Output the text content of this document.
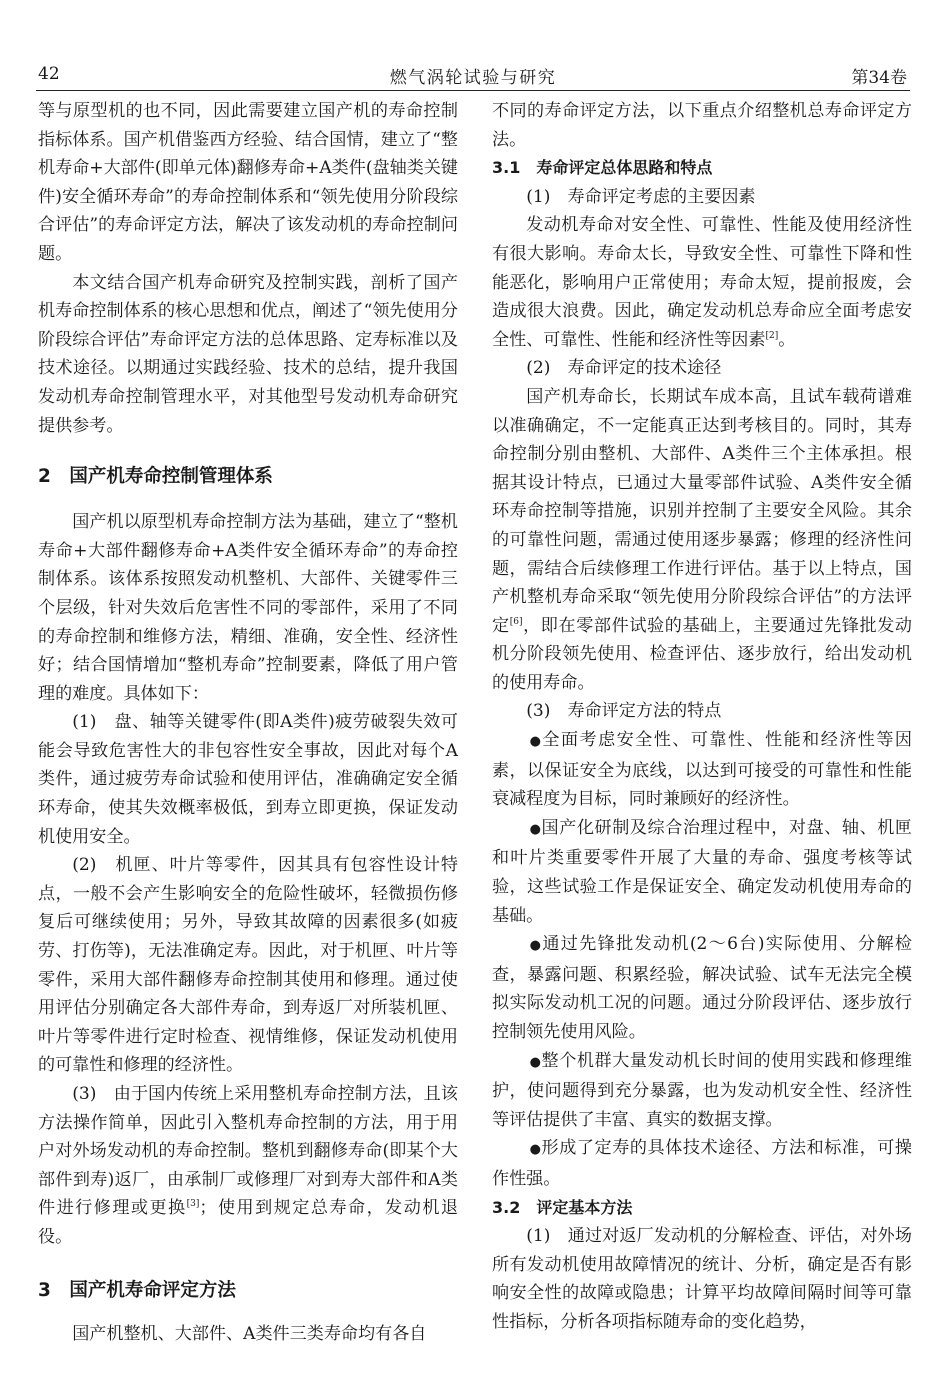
42	燃气涡轮试验与研究	第34卷

等与原型机的也不同，因此需要建立国产机的寿命控制指标体系。国产机借鉴西方经验、结合国情，建立了“整机寿命+大部件(即单元体)翻修寿命+A类件(盘轴类关键件)安全循环寿命”的寿命控制体系和“领先使用分阶段综合评估”的寿命评定方法，解决了该发动机的寿命控制问题。

本文结合国产机寿命研究及控制实践，剖析了国产机寿命控制体系的核心思想和优点，阐述了“领先使用分阶段综合评估”寿命评定方法的总体思路、定寿标准以及技术途径。以期通过实践经验、技术的总结，提升我国发动机寿命控制管理水平，对其他型号发动机寿命研究提供参考。

2　国产机寿命控制管理体系

国产机以原型机寿命控制方法为基础，建立了“整机寿命+大部件翻修寿命+A类件安全循环寿命”的寿命控制体系。该体系按照发动机整机、大部件、关键零件三个层级，针对失效后危害性不同的零部件，采用了不同的寿命控制和维修方法，精细、准确，安全性、经济性好；结合国情增加“整机寿命”控制要素，降低了用户管理的难度。具体如下：

(1)　盘、轴等关键零件(即A类件)疲劳破裂失效可能会导致危害性大的非包容性安全事故，因此对每个A类件，通过疲劳寿命试验和使用评估，准确确定安全循环寿命，使其失效概率极低，到寿立即更换，保证发动机使用安全。

(2)　机匣、叶片等零件，因其具有包容性设计特点，一般不会产生影响安全的危险性破坏，轻微损伤修复后可继续使用；另外，导致其故障的因素很多(如疲劳、打伤等)，无法准确定寿。因此，对于机匣、叶片等零件，采用大部件翻修寿命控制其使用和修理。通过使用评估分别确定各大部件寿命，到寿返厂对所装机匣、叶片等零件进行定时检查、视情维修，保证发动机使用的可靠性和修理的经济性。

(3)　由于国内传统上采用整机寿命控制方法，且该方法操作简单，因此引入整机寿命控制的方法，用于用户对外场发动机的寿命控制。整机到翻修寿命(即某个大部件到寿)返厂，由承制厂或修理厂对到寿大部件和A类件进行修理或更换[3]；使用到规定总寿命，发动机退役。

3　国产机寿命评定方法

国产机整机、大部件、A类件三类寿命均有各自

不同的寿命评定方法，以下重点介绍整机总寿命评定方法。

3.1　寿命评定总体思路和特点

(1)　寿命评定考虑的主要因素

发动机寿命对安全性、可靠性、性能及使用经济性有很大影响。寿命太长，导致安全性、可靠性下降和性能恶化，影响用户正常使用；寿命太短，提前报废，会造成很大浪费。因此，确定发动机总寿命应全面考虑安全性、可靠性、性能和经济性等因素[2]。

(2)　寿命评定的技术途径

国产机寿命长，长期试车成本高，且试车载荷谱难以准确确定，不一定能真正达到考核目的。同时，其寿命控制分别由整机、大部件、A类件三个主体承担。根据其设计特点，已通过大量零部件试验、A类件安全循环寿命控制等措施，识别并控制了主要安全风险。其余的可靠性问题，需通过使用逐步暴露；修理的经济性问题，需结合后续修理工作进行评估。基于以上特点，国产机整机寿命采取“领先使用分阶段综合评估”的方法评定[6]，即在零部件试验的基础上，主要通过先锋批发动机分阶段领先使用、检查评估、逐步放行，给出发动机的使用寿命。

(3)　寿命评定方法的特点

●全面考虑安全性、可靠性、性能和经济性等因素，以保证安全为底线，以达到可接受的可靠性和性能衰减程度为目标，同时兼顾好的经济性。

●国产化研制及综合治理过程中，对盘、轴、机匣和叶片类重要零件开展了大量的寿命、强度考核等试验，这些试验工作是保证安全、确定发动机使用寿命的基础。

●通过先锋批发动机(2～6台)实际使用、分解检查，暴露问题、积累经验，解决试验、试车无法完全模拟实际发动机工况的问题。通过分阶段评估、逐步放行控制领先使用风险。

●整个机群大量发动机长时间的使用实践和修理维护，使问题得到充分暴露，也为发动机安全性、经济性等评估提供了丰富、真实的数据支撑。

●形成了定寿的具体技术途径、方法和标准，可操作性强。

3.2　评定基本方法

(1)　通过对返厂发动机的分解检查、评估，对外场所有发动机使用故障情况的统计、分析，确定是否有影响安全性的故障或隐患；计算平均故障间隔时间等可靠性指标，分析各项指标随寿命的变化趋势，
